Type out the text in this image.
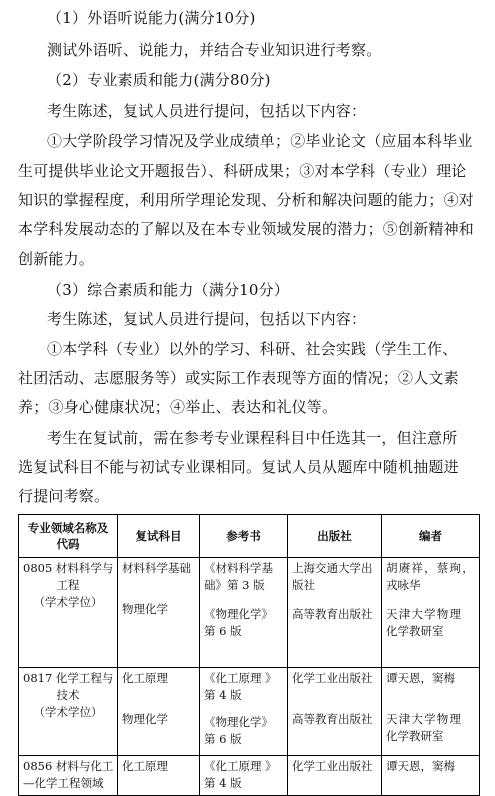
（1）外语听说能力(满分10分)
测试外语听、说能力，并结合专业知识进行考察。
（2）专业素质和能力(满分80分)
考生陈述，复试人员进行提问，包括以下内容：
①大学阶段学习情况及学业成绩单；②毕业论文（应届本科毕业
生可提供毕业论文开题报告）、科研成果；③对本学科（专业）理论
知识的掌握程度，利用所学理论发现、分析和解决问题的能力；④对
本学科发展动态的了解以及在本专业领域发展的潜力；⑤创新精神和
创新能力。
（3）综合素质和能力（满分10分）
考生陈述，复试人员进行提问，包括以下内容：
①本学科（专业）以外的学习、科研、社会实践（学生工作、
社团活动、志愿服务等）或实际工作表现等方面的情况；②人文素
养；③身心健康状况；④举止、表达和礼仪等。
考生在复试前，需在参考专业课程科目中任选其一，但注意所
选复试科目不能与初试专业课相同。复试人员从题库中随机抽题进
行提问考察。
专业领域名称及
代码	复试科目	参考书	出版社	编者

0805 材料科学与
工程
（学术学位）	材料科学基础
物理化学	《材料科学基
础》第 3 版
《物理化学》
第 6 版	上海交通大学出
版社
高等教育出版社	胡赓祥，蔡珣，
戎咏华
天津大学物理
化学教研室

0817 化学工程与
技术
（学术学位）	化工原理
物理化学	《化工原理 》
第 4 版
《物理化学》
第 6 版	化学工业出版社
高等教育出版社	谭天恩，窦梅
天津大学物理
化学教研室

0856 材料与化工
—化学工程领域	化工原理	《化工原理 》
第 4 版	化学工业出版社	谭天恩，窦梅
